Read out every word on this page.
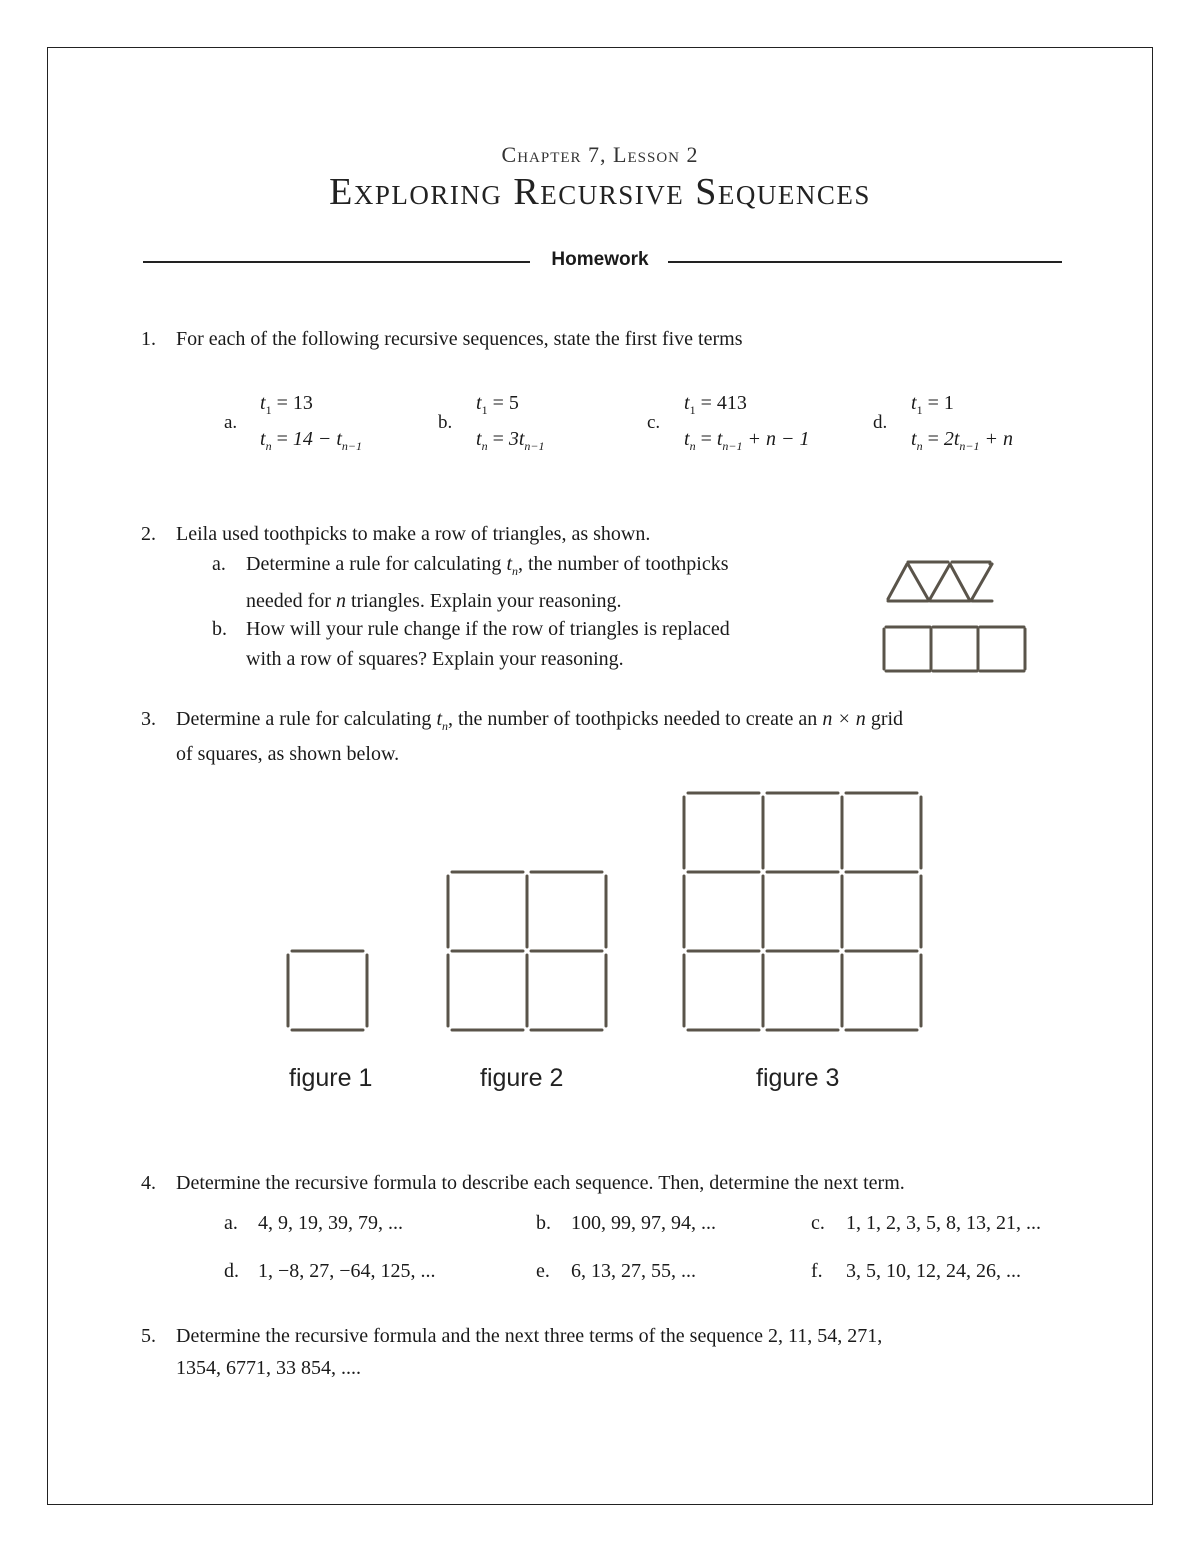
Chapter 7, Lesson 2
Exploring Recursive Sequences
Homework
1. For each of the following recursive sequences, state the first five terms
a.
$t_1 = 13$
$t_n = 14 - t_{n-1}$
b.
$t_1 = 5$
$t_n = 3t_{n-1}$
c.
$t_1 = 413$
$t_n = t_{n-1} + n - 1$
d.
$t_1 = 1$
$t_n = 2t_{n-1} + n$
2. Leila used toothpicks to make a row of triangles, as shown.
a. Determine a rule for calculating $t_n$, the number of toothpicks
needed for n triangles. Explain your reasoning.
b. How will your rule change if the row of triangles is replaced
with a row of squares? Explain your reasoning.
3. Determine a rule for calculating $t_n$, the number of toothpicks needed to create an n × n grid
of squares, as shown below.
figure 1	figure 2	figure 3
4. Determine the recursive formula to describe each sequence. Then, determine the next term.
a. 4, 9, 19, 39, 79, ...	b. 100, 99, 97, 94, ...	c. 1, 1, 2, 3, 5, 8, 13, 21, ...
d. 1, −8, 27, −64, 125, ...	e. 6, 13, 27, 55, ...	f. 3, 5, 10, 12, 24, 26, ...
5. Determine the recursive formula and the next three terms of the sequence 2, 11, 54, 271,
1354, 6771, 33 854, ....
